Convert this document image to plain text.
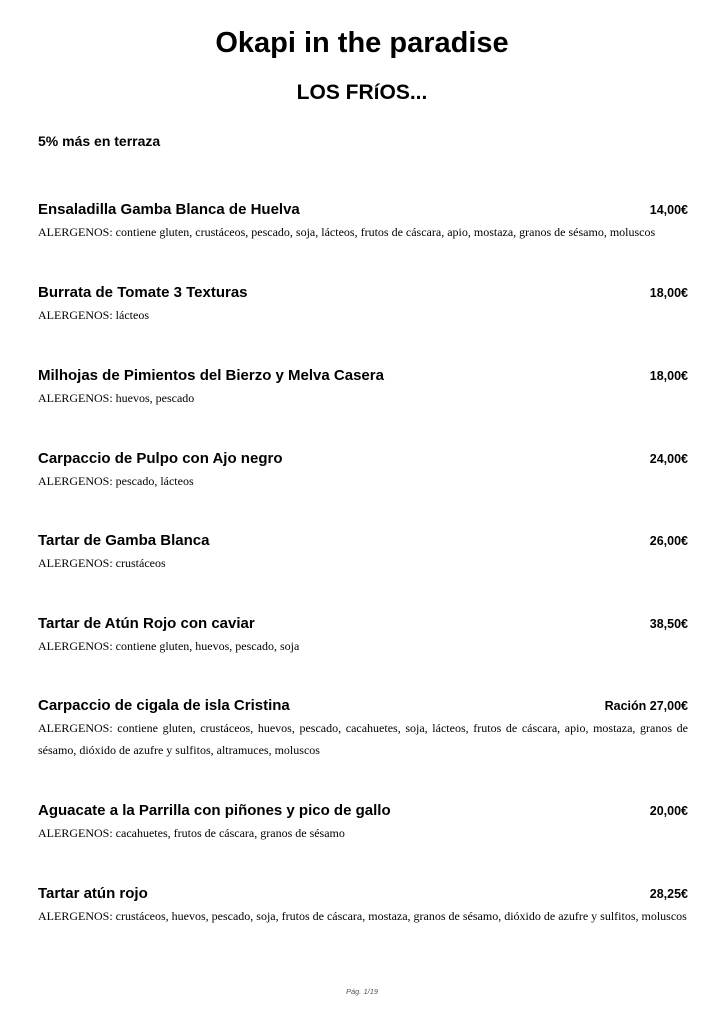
Okapi in the paradise
LOS FRíOS...
5% más en terraza
Ensaladilla Gamba Blanca de Huelva	14,00€
ALERGENOS: contiene gluten, crustáceos, pescado, soja, lácteos, frutos de cáscara, apio, mostaza, granos de sésamo, moluscos
Burrata de Tomate 3 Texturas	18,00€
ALERGENOS: lácteos
Milhojas de Pimientos del Bierzo y Melva Casera	18,00€
ALERGENOS: huevos, pescado
Carpaccio de Pulpo con Ajo negro	24,00€
ALERGENOS: pescado, lácteos
Tartar de Gamba Blanca	26,00€
ALERGENOS: crustáceos
Tartar de Atún Rojo con caviar	38,50€
ALERGENOS: contiene gluten, huevos, pescado, soja
Carpaccio de cigala de isla Cristina	Ración 27,00€
ALERGENOS: contiene gluten, crustáceos, huevos, pescado, cacahuetes, soja, lácteos, frutos de cáscara, apio, mostaza, granos de sésamo, dióxido de azufre y sulfitos, altramuces, moluscos
Aguacate a la Parrilla con piñones y pico de gallo	20,00€
ALERGENOS: cacahuetes, frutos de cáscara, granos de sésamo
Tartar atún rojo	28,25€
ALERGENOS: crustáceos, huevos, pescado, soja, frutos de cáscara, mostaza, granos de sésamo, dióxido de azufre y sulfitos, moluscos
Pág. 1/19
